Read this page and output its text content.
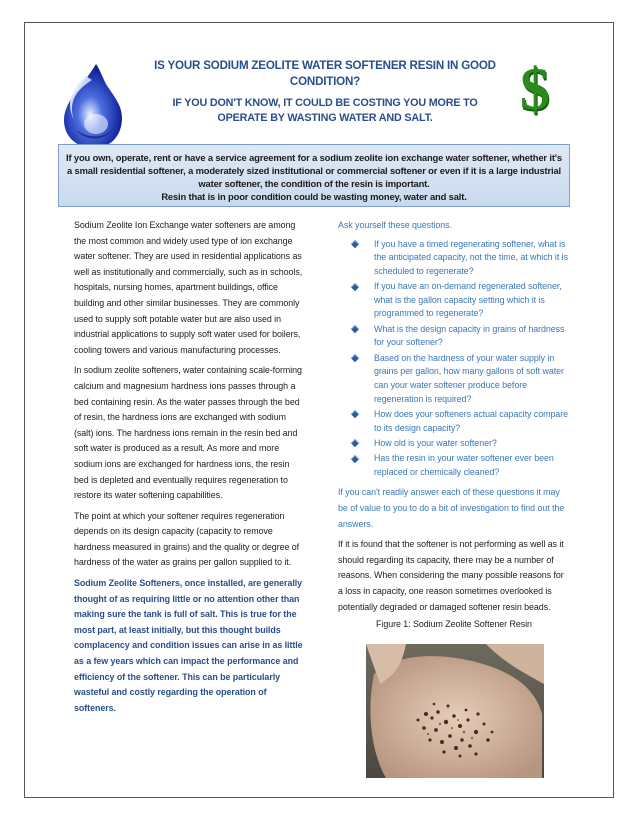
IS YOUR SODIUM ZEOLITE WATER SOFTENER RESIN IN GOOD CONDITION?
IF YOU DON'T KNOW, IT COULD BE COSTING YOU MORE TO OPERATE BY WASTING WATER AND SALT.	$

If you own, operate, rent or have a service agreement for a sodium zeolite ion exchange water softener, whether it's a small residential softener, a moderately sized institutional or commercial softener or even if it is a large industrial water softener, the condition of the resin is important.

Resin that is in poor condition could be wasting money, water and salt.

Sodium Zeolite Ion Exchange water softeners are among the most common and widely used type of ion exchange water softener. They are used in residential applications as well as institutionally and commercially, such as in schools, hospitals, nursing homes, apartment buildings, office building and other similar businesses. They are commonly used to supply soft potable water but are also used in industrial applications to supply soft water used for boilers, cooling towers and various manufacturing processes.

In sodium zeolite softeners, water containing scale-forming calcium and magnesium hardness ions passes through a bed containing resin. As the water passes through the bed of resin, the hardness ions are exchanged with sodium (salt) ions. The hardness ions remain in the resin bed and soft water is produced as a result. As more and more sodium ions are exchanged for hardness ions, the resin bed is depleted and eventually requires regeneration to restore its water softening capabilities.

The point at which your softener requires regeneration depends on its design capacity (capacity to remove hardness measured in grains) and the quality or degree of hardness of the water as grains per gallon supplied to it.

Sodium Zeolite Softeners, once installed, are generally thought of as requiring little or no attention other than making sure the tank is full of salt. This is true for the most part, at least initially, but this thought builds complacency and condition issues can arise in as little as a few years which can impact the performance and efficiency of the softener. This can be particularly wasteful and costly regarding the operation of softeners.

Ask yourself these questions.
If you have a timed regenerating softener, what is the anticipated capacity, not the time, at which it is scheduled to regenerate?
If you have an on-demand regenerated softener, what is the gallon capacity setting which it is programmed to regenerate?
What is the design capacity in grains of hardness for your softener?
Based on the hardness of your water supply in grains per gallon, how many gallons of soft water can your water softener produce before regeneration is required?
How does your softeners actual capacity compare to its design capacity?
How old is your water softener?
Has the resin in your water softener ever been replaced or chemically cleaned?

If you can't readily answer each of these questions it may be of value to you to do a bit of investigation to find out the answers.

If it is found that the softener is not performing as well as it should regarding its capacity, there may be a number of reasons. When considering the many possible reasons for a loss in capacity, one reason sometimes overlooked is potentially degraded or damaged softener resin beads.

Figure 1: Sodium Zeolite Softener Resin
